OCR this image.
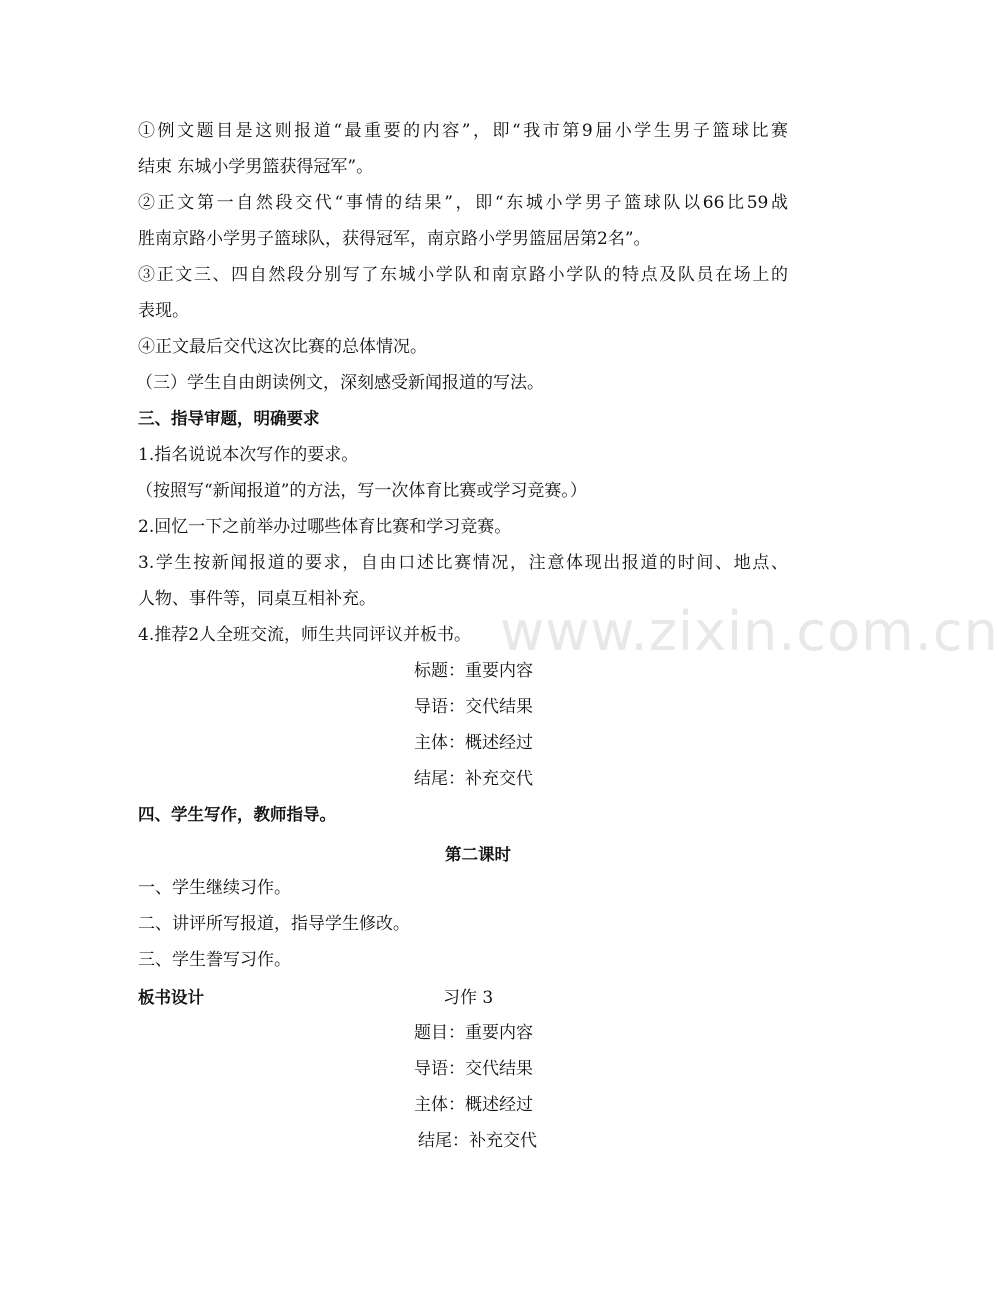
①例文题目是这则报道“最重要的内容”，即“我市第9届小学生男子篮球比赛

结束 东城小学男篮获得冠军”。

②正文第一自然段交代“事情的结果”，即“东城小学男子篮球队以66比59战

胜南京路小学男子篮球队，获得冠军，南京路小学男篮屈居第2名”。

③正文三、四自然段分别写了东城小学队和南京路小学队的特点及队员在场上的

表现。

④正文最后交代这次比赛的总体情况。

（三）学生自由朗读例文，深刻感受新闻报道的写法。

三、指导审题，明确要求

1.指名说说本次写作的要求。

（按照写“新闻报道”的方法，写一次体育比赛或学习竞赛。）

2.回忆一下之前举办过哪些体育比赛和学习竞赛。

3.学生按新闻报道的要求，自由口述比赛情况，注意体现出报道的时间、地点、

人物、事件等，同桌互相补充。

4.推荐2人全班交流，师生共同评议并板书。

标题：重要内容

导语：交代结果

主体：概述经过

结尾：补充交代

四、学生写作，教师指导。

第二课时

一、学生继续习作。

二、讲评所写报道，指导学生修改。

三、学生誊写习作。

板书设计	习作 3

题目：重要内容

导语：交代结果

主体：概述经过

结尾：补充交代

www.zixin.com.cn
